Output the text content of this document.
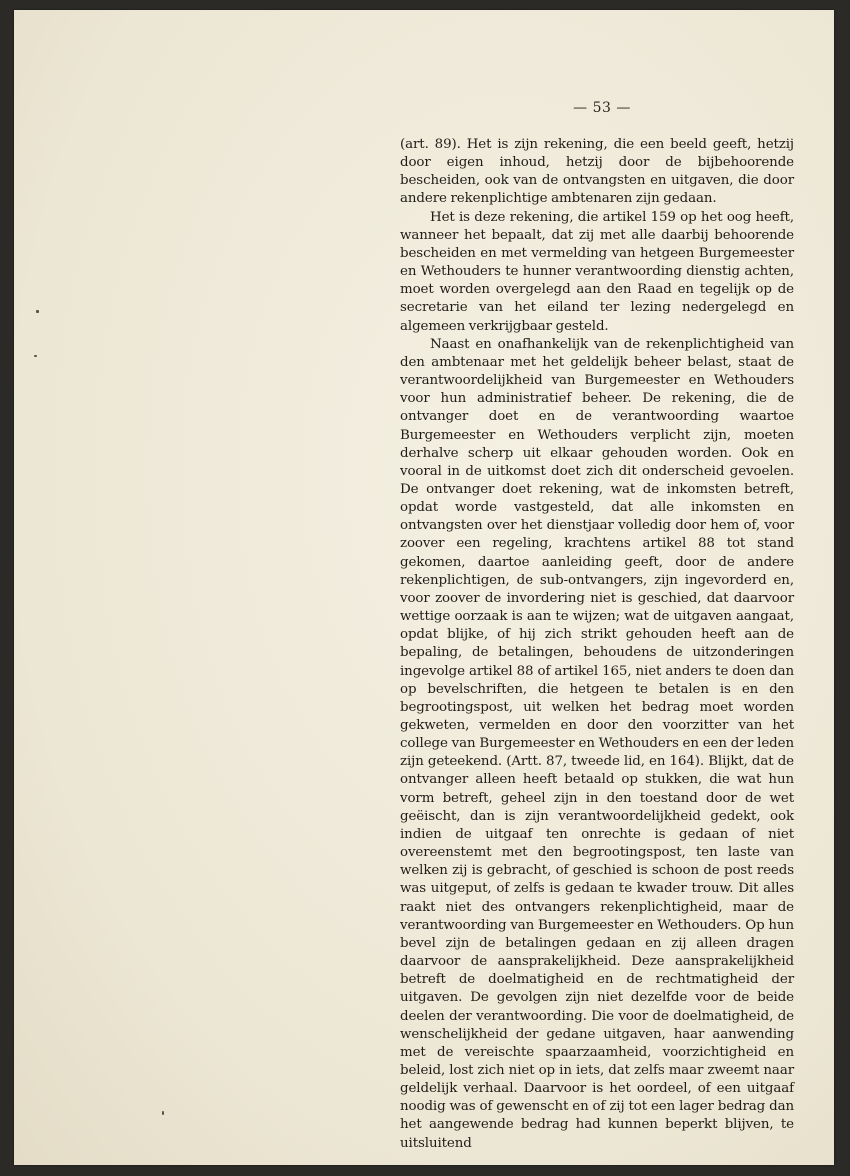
— 53 —

(art. 89). Het is zijn rekening, die een beeld geeft, hetzij door eigen inhoud, hetzij door de bijbehoorende bescheiden, ook van de ontvangsten en uitgaven, die door andere rekenplichtige ambtenaren zijn gedaan.

Het is deze rekening, die artikel 159 op het oog heeft, wanneer het bepaalt, dat zij met alle daarbij behoorende bescheiden en met vermelding van hetgeen Burgemeester en Wethouders te hunner verantwoording dienstig achten, moet worden overgelegd aan den Raad en tegelijk op de secretarie van het eiland ter lezing nedergelegd en algemeen verkrijgbaar gesteld.

Naast en onafhankelijk van de rekenplichtigheid van den ambtenaar met het geldelijk beheer belast, staat de verantwoordelijkheid van Burgemeester en Wethouders voor hun administratief beheer. De rekening, die de ontvanger doet en de verantwoording waartoe Burgemeester en Wethouders verplicht zijn, moeten derhalve scherp uit elkaar gehouden worden. Ook en vooral in de uitkomst doet zich dit onderscheid gevoelen. De ontvanger doet rekening, wat de inkomsten betreft, opdat worde vastgesteld, dat alle inkomsten en ontvangsten over het dienstjaar volledig door hem of, voor zoover een regeling, krachtens artikel 88 tot stand gekomen, daartoe aanleiding geeft, door de andere rekenplichtigen, de sub-ontvangers, zijn ingevorderd en, voor zoover de invordering niet is geschied, dat daarvoor wettige oorzaak is aan te wijzen; wat de uitgaven aangaat, opdat blijke, of hij zich strikt gehouden heeft aan de bepaling, de betalingen, behoudens de uitzonderingen ingevolge artikel 88 of artikel 165, niet anders te doen dan op bevelschriften, die hetgeen te betalen is en den begrootingspost, uit welken het bedrag moet worden gekweten, vermelden en door den voorzitter van het college van Burgemeester en Wethouders en een der leden zijn geteekend. (Artt. 87, tweede lid, en 164). Blijkt, dat de ontvanger alleen heeft betaald op stukken, die wat hun vorm betreft, geheel zijn in den toestand door de wet geëischt, dan is zijn verantwoordelijkheid gedekt, ook indien de uitgaaf ten onrechte is gedaan of niet overeenstemt met den begrootingspost, ten laste van welken zij is gebracht, of geschied is schoon de post reeds was uitgeput, of zelfs is gedaan te kwader trouw. Dit alles raakt niet des ontvangers rekenplichtigheid, maar de verantwoording van Burgemeester en Wethouders. Op hun bevel zijn de betalingen gedaan en zij alleen dragen daarvoor de aansprakelijkheid. Deze aansprakelijkheid betreft de doelmatigheid en de rechtmatigheid der uitgaven. De gevolgen zijn niet dezelfde voor de beide deelen der verantwoording. Die voor de doelmatigheid, de wenschelijkheid der gedane uitgaven, haar aanwending met de vereischte spaarzaamheid, voorzichtigheid en beleid, lost zich niet op in iets, dat zelfs maar zweemt naar geldelijk verhaal. Daarvoor is het oordeel, of een uitgaaf noodig was of gewenscht en of zij tot een lager bedrag dan het aangewende bedrag had kunnen beperkt blijven, te uitsluitend
